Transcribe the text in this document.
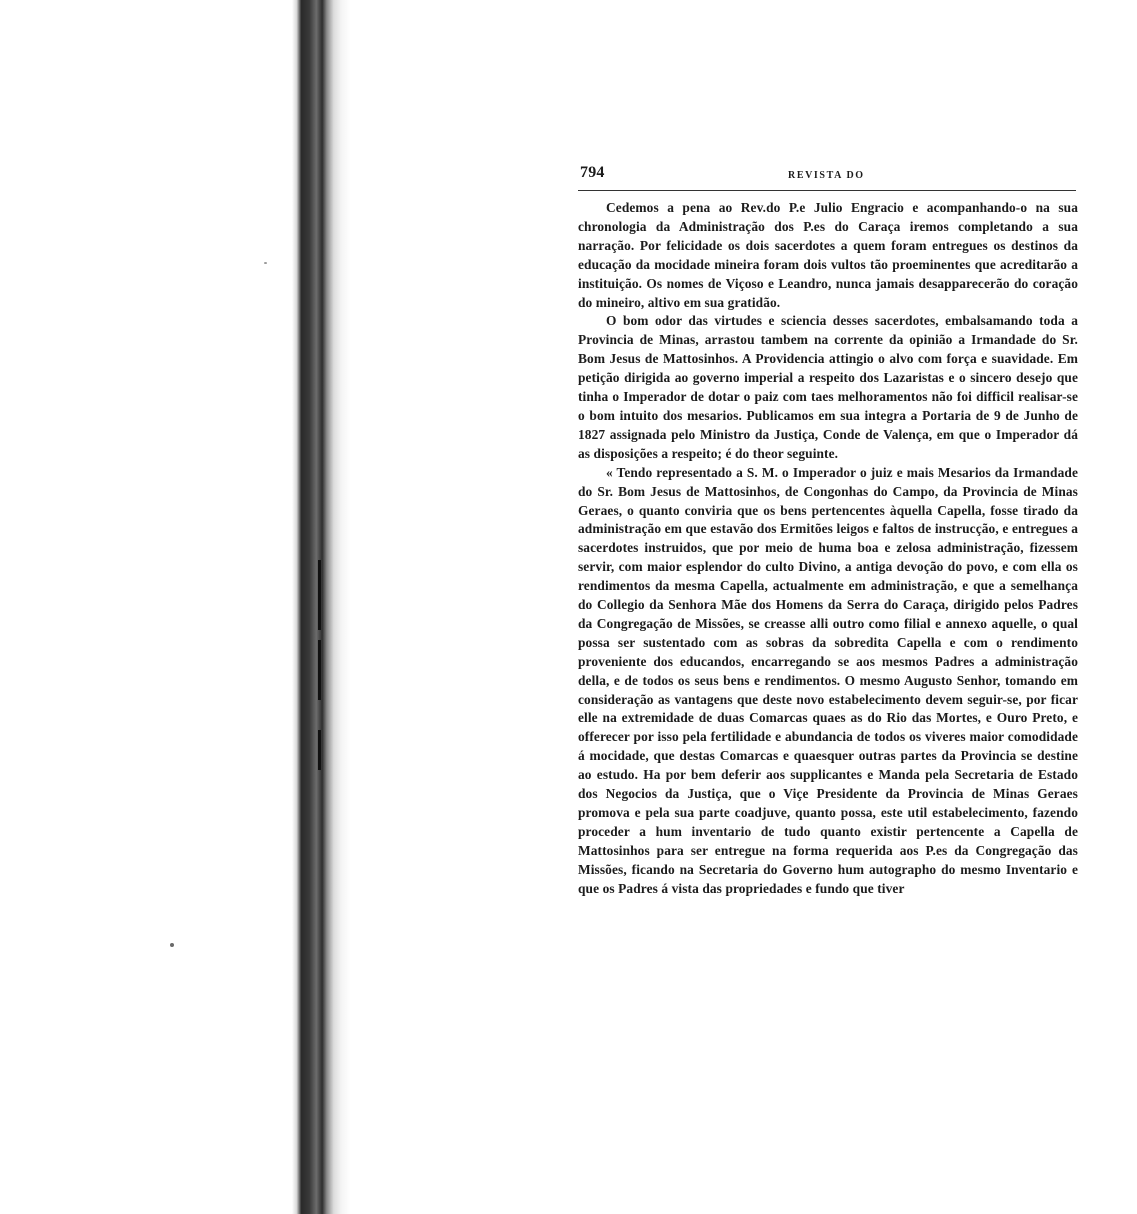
794	REVISTA DO

Cedemos a pena ao Rev.do P.e Julio Engracio e acompanhando-o na sua chronologia da Administração dos P.es do Caraça iremos completando a sua narração. Por felicidade os dois sacerdotes a quem foram entregues os destinos da educação da mocidade mineira foram dois vultos tão proeminentes que acreditarão a instituição. Os nomes de Viçoso e Leandro, nunca jamais desapparecerão do coração do mineiro, altivo em sua gratidão.

O bom odor das virtudes e sciencia desses sacerdotes, embalsamando toda a Provincia de Minas, arrastou tambem na corrente da opinião a Irmandade do Sr. Bom Jesus de Mattosinhos. A Providencia attingio o alvo com força e suavidade. Em petição dirigida ao governo imperial a respeito dos Lazaristas e o sincero desejo que tinha o Imperador de dotar o paiz com taes melhoramentos não foi difficil realisar-se o bom intuito dos mesarios. Publicamos em sua integra a Portaria de 9 de Junho de 1827 assignada pelo Ministro da Justiça, Conde de Valença, em que o Imperador dá as disposições a respeito; é do theor seguinte.

« Tendo representado a S. M. o Imperador o juiz e mais Mesarios da Irmandade do Sr. Bom Jesus de Mattosinhos, de Congonhas do Campo, da Provincia de Minas Geraes, o quanto conviria que os bens pertencentes àquella Capella, fosse tirado da administração em que estavão dos Ermitões leigos e faltos de instrucção, e entregues a sacerdotes instruidos, que por meio de huma boa e zelosa administração, fizessem servir, com maior esplendor do culto Divino, a antiga devoção do povo, e com ella os rendimentos da mesma Capella, actualmente em administração, e que a semelhança do Collegio da Senhora Mãe dos Homens da Serra do Caraça, dirigido pelos Padres da Congregação de Missões, se creasse alli outro como filial e annexo aquelle, o qual possa ser sustentado com as sobras da sobredita Capella e com o rendimento proveniente dos educandos, encarregando se aos mesmos Padres a administração della, e de todos os seus bens e rendimentos. O mesmo Augusto Senhor, tomando em consideração as vantagens que deste novo estabelecimento devem seguir-se, por ficar elle na extremidade de duas Comarcas quaes as do Rio das Mortes, e Ouro Preto, e offerecer por isso pela fertilidade e abundancia de todos os viveres maior comodidade á mocidade, que destas Comarcas e quaesquer outras partes da Provincia se destine ao estudo. Ha por bem deferir aos supplicantes e Manda pela Secretaria de Estado dos Negocios da Justiça, que o Viçe Presidente da Provincia de Minas Geraes promova e pela sua parte coadjuve, quanto possa, este util estabelecimento, fazendo proceder a hum inventario de tudo quanto existir pertencente a Capella de Mattosinhos para ser entregue na forma requerida aos P.es da Congregação das Missões, ficando na Secretaria do Governo hum autographo do mesmo Inventario e que os Padres á vista das propriedades e fundo que tiver
